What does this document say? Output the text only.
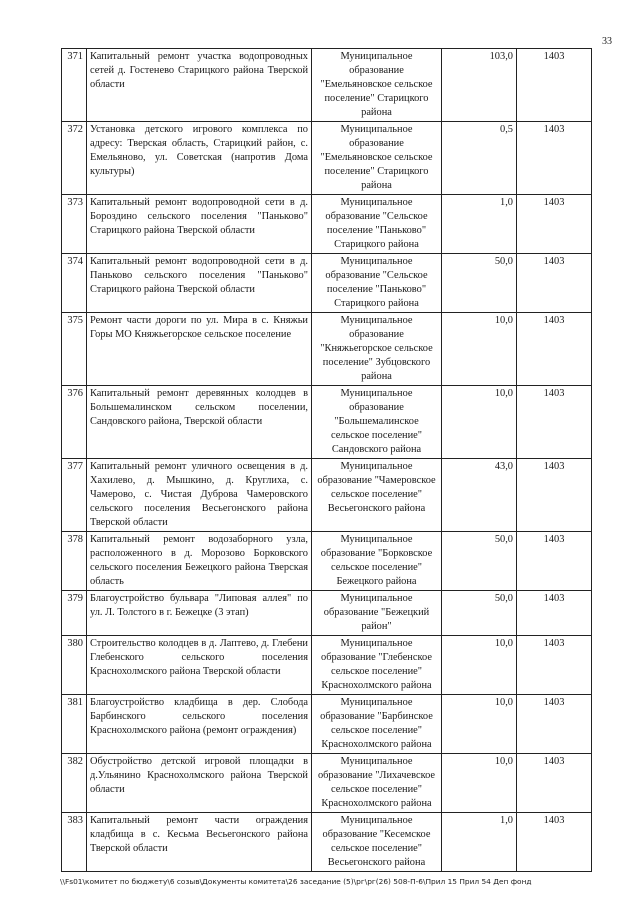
33
371	Капитальный ремонт участка водопроводных сетей д. Гостенево Старицкого района Тверской области	Муниципальное образование "Емельяновское сельское поселение" Старицкого района	103,0	1403
372	Установка детского игрового комплекса по адресу: Тверская область, Старицкий район, с. Емельяново, ул. Советская (напротив Дома культуры)	Муниципальное образование "Емельяновское сельское поселение" Старицкого района	0,5	1403
373	Капитальный ремонт водопроводной сети в д. Бороздино сельского поселения "Паньково" Старицкого района Тверской области	Муниципальное образование "Сельское поселение "Паньково" Старицкого района	1,0	1403
374	Капитальный ремонт водопроводной сети в д. Паньково сельского поселения "Паньково" Старицкого района Тверской области	Муниципальное образование "Сельское поселение "Паньково" Старицкого района	50,0	1403
375	Ремонт части дороги по ул. Мира в с. Княжьи Горы МО Княжьегорское сельское поселение	Муниципальное образование "Княжьегорское сельское поселение" Зубцовского района	10,0	1403
376	Капитальный ремонт деревянных колодцев в Большемалинском сельском поселении, Сандовского района, Тверской области	Муниципальное образование "Большемалинское сельское поселение" Сандовского района	10,0	1403
377	Капитальный ремонт уличного освещения в д. Хахилево, д. Мышкино, д. Круглиха, с. Чамерово, с. Чистая Дуброва Чамеровского сельского поселения Весьегонского района Тверской области	Муниципальное образование "Чамеровское сельское поселение" Весьегонского района	43,0	1403
378	Капитальный ремонт водозаборного узла, расположенного в д. Морозово Борковского сельского поселения Бежецкого района Тверская область	Муниципальное образование "Борковское сельское поселение" Бежецкого района	50,0	1403
379	Благоустройство бульвара "Липовая аллея" по ул. Л. Толстого в г. Бежецке (3 этап)	Муниципальное образование "Бежецкий район"	50,0	1403
380	Строительство колодцев в д. Лаптево, д. Глебени Глебенского сельского поселения Краснохолмского района Тверской области	Муниципальное образование "Глебенское сельское поселение" Краснохолмского района	10,0	1403
381	Благоустройство кладбища в дер. Слобода Барбинского сельского поселения Краснохолмского района (ремонт ограждения)	Муниципальное образование "Барбинское сельское поселение" Краснохолмского района	10,0	1403
382	Обустройство детской игровой площадки в д.Ульянино Краснохолмского района Тверской области	Муниципальное образование "Лихачевское сельское поселение" Краснохолмского района	10,0	1403
383	Капитальный ремонт части ограждения кладбища в с. Кесьма Весьегонского района Тверской области	Муниципальное образование "Кесемское сельское поселение" Весьегонского района	1,0	1403
\\Fs01\комитет по бюджету\6 созыв\Документы комитета\26 заседание (5)\рг\рг(26) 508-П-6\Прил 15 Прил 54 Деп фонд
